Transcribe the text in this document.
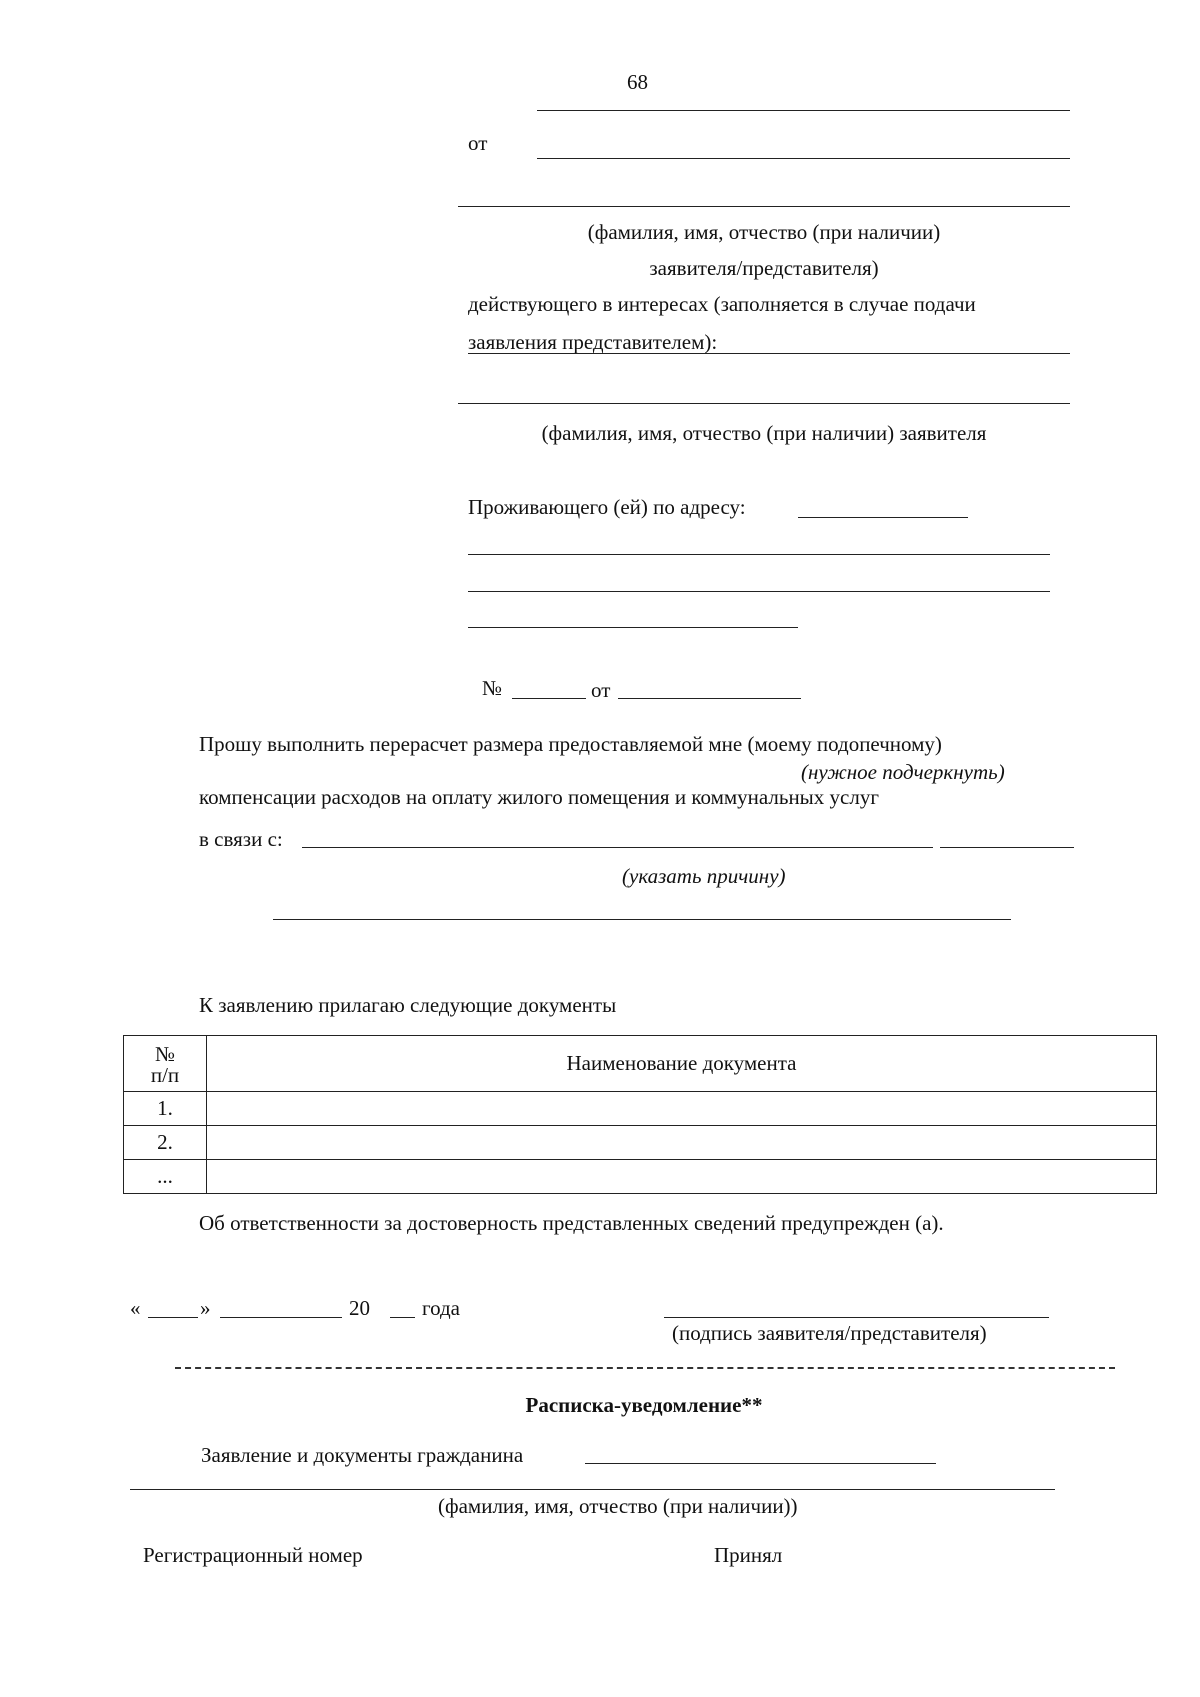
68
от
(фамилия, имя, отчество (при наличии)
заявителя/представителя)
действующего в интересах (заполняется в случае подачи
заявления представителем):
(фамилия, имя, отчество (при наличии) заявителя
Проживающего (ей) по адресу:
№	от
Прошу выполнить перерасчет размера предоставляемой мне (моему подопечному)
(нужное подчеркнуть)
компенсации расходов на оплату жилого помещения и коммунальных услуг
в связи с:
(указать причину)
К заявлению прилагаю следующие документы
№
п/п	Наименование документа
1.	
2.	
...	
Об ответственности за достоверность представленных сведений предупрежден (а).
«	»	20 года
(подпись заявителя/представителя)
Расписка-уведомление**
Заявление и документы гражданина
(фамилия, имя, отчество (при наличии))
Регистрационный номер	Принял
